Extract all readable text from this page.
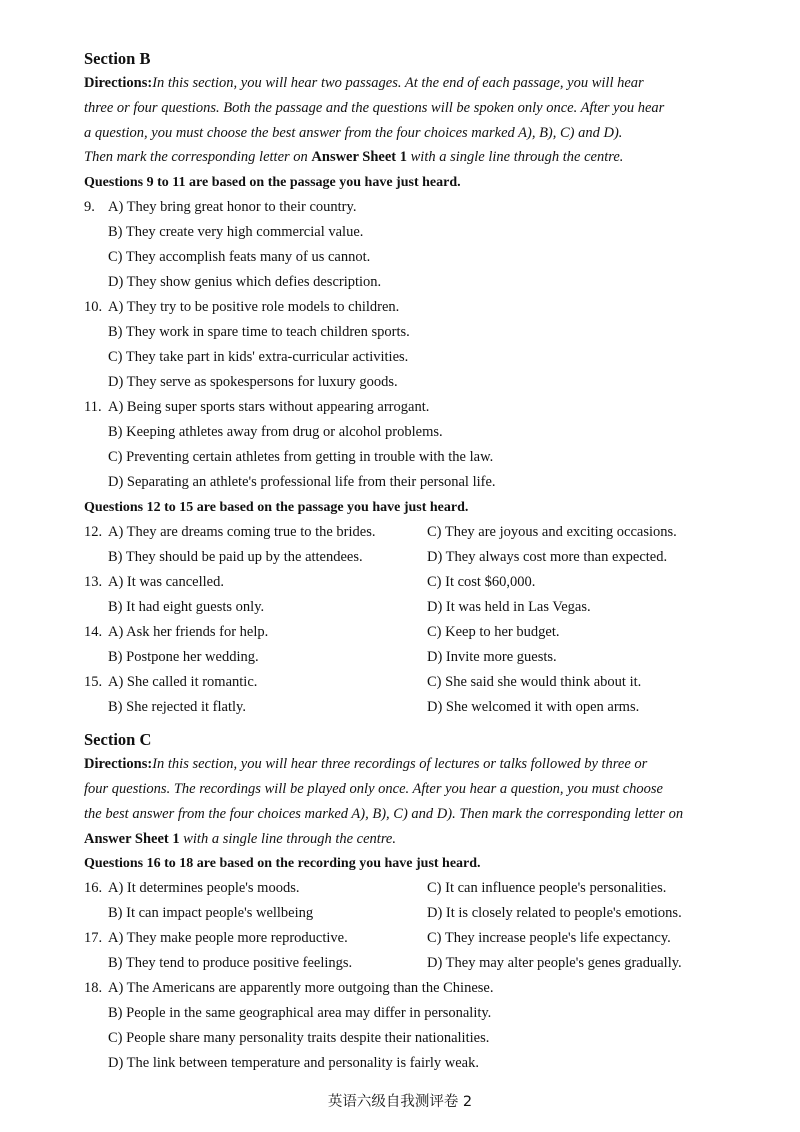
Section B

Directions:In this section, you will hear two passages. At the end of each passage, you will hear
three or four questions. Both the passage and the questions will be spoken only once. After you hear
a question, you must choose the best answer from the four choices marked A), B), C) and D).
Then mark the corresponding letter on Answer Sheet 1 with a single line through the centre.

Questions 9 to 11 are based on the passage you have just heard.

9. A) They bring great honor to their country.
B) They create very high commercial value.
C) They accomplish feats many of us cannot.
D) They show genius which defies description.
10. A) They try to be positive role models to children.
B) They work in spare time to teach children sports.
C) They take part in kids' extra-curricular activities.
D) They serve as spokespersons for luxury goods.
11. A) Being super sports stars without appearing arrogant.
B) Keeping athletes away from drug or alcohol problems.
C) Preventing certain athletes from getting in trouble with the law.
D) Separating an athlete's professional life from their personal life.

Questions 12 to 15 are based on the passage you have just heard.

12. A) They are dreams coming true to the brides.	C) They are joyous and exciting occasions.
B) They should be paid up by the attendees.	D) They always cost more than expected.
13. A) It was cancelled.	C) It cost $60,000.
B) It had eight guests only.	D) It was held in Las Vegas.
14. A) Ask her friends for help.	C) Keep to her budget.
B) Postpone her wedding.	D) Invite more guests.
15. A) She called it romantic.	C) She said she would think about it.
B) She rejected it flatly.	D) She welcomed it with open arms.

Section C

Directions:In this section, you will hear three recordings of lectures or talks followed by three or
four questions. The recordings will be played only once. After you hear a question, you must choose
the best answer from the four choices marked A), B), C) and D). Then mark the corresponding letter on
Answer Sheet 1 with a single line through the centre.

Questions 16 to 18 are based on the recording you have just heard.

16. A) It determines people's moods.	C) It can influence people's personalities.
B) It can impact people's wellbeing	D) It is closely related to people's emotions.
17. A) They make people more reproductive.	C) They increase people's life expectancy.
B) They tend to produce positive feelings.	D) They may alter people's genes gradually.
18. A) The Americans are apparently more outgoing than the Chinese.
B) People in the same geographical area may differ in personality.
C) People share many personality traits despite their nationalities.
D) The link between temperature and personality is fairly weak.
英语六级自我测评卷 2
